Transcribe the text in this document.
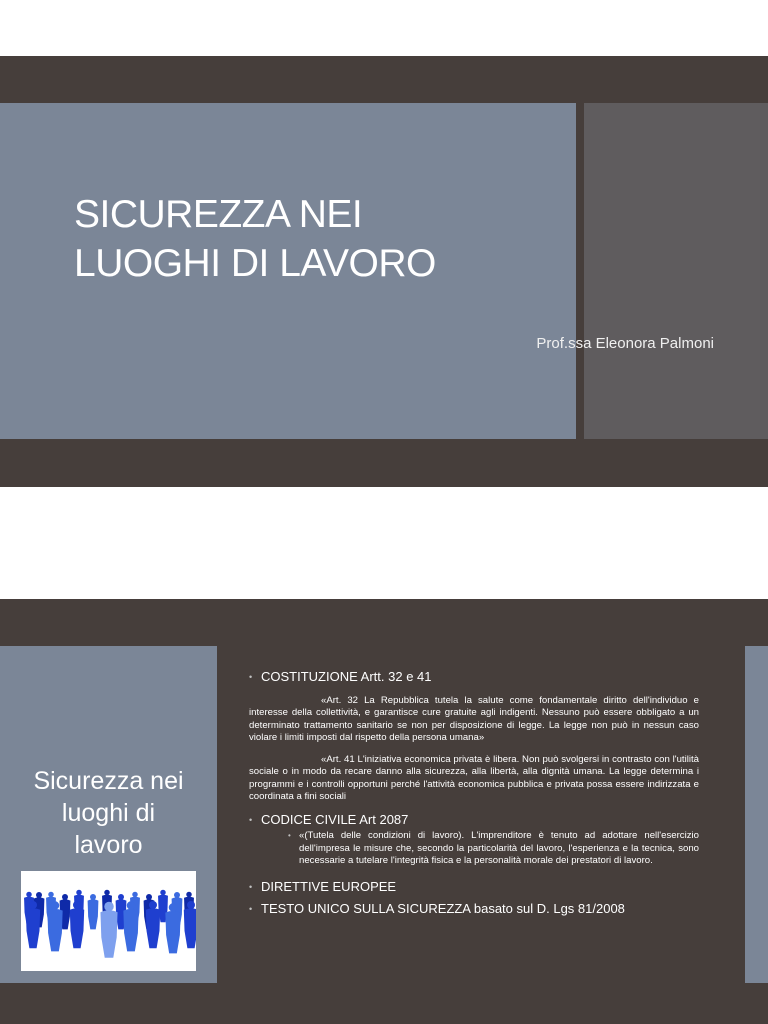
SICUREZZA NEI
LUOGHI DI LAVORO

Prof.ssa Eleonora Palmoni

Sicurezza nei
luoghi di
lavoro

• COSTITUZIONE Artt. 32 e 41

«Art. 32 La Repubblica tutela la salute come fondamentale diritto dell'individuo e interesse della collettività, e garantisce cure gratuite agli indigenti. Nessuno può essere obbligato a un determinato trattamento sanitario se non per disposizione di legge. La legge non può in nessun caso violare i limiti imposti dal rispetto della persona umana»

«Art. 41 L'iniziativa economica privata è libera. Non può svolgersi in contrasto con l'utilità sociale o in modo da recare danno alla sicurezza, alla libertà, alla dignità umana. La legge determina i programmi e i controlli opportuni perché l'attività economica pubblica e privata possa essere indirizzata e coordinata a fini sociali

• CODICE CIVILE Art 2087

• «(Tutela delle condizioni di lavoro). L'imprenditore è tenuto ad adottare nell'esercizio dell'impresa le misure che, secondo la particolarità del lavoro, l'esperienza e la tecnica, sono necessarie a tutelare l'integrità fisica e la personalità morale dei prestatori di lavoro.

• DIRETTIVE EUROPEE

• TESTO UNICO SULLA SICUREZZA basato sul D. Lgs 81/2008
